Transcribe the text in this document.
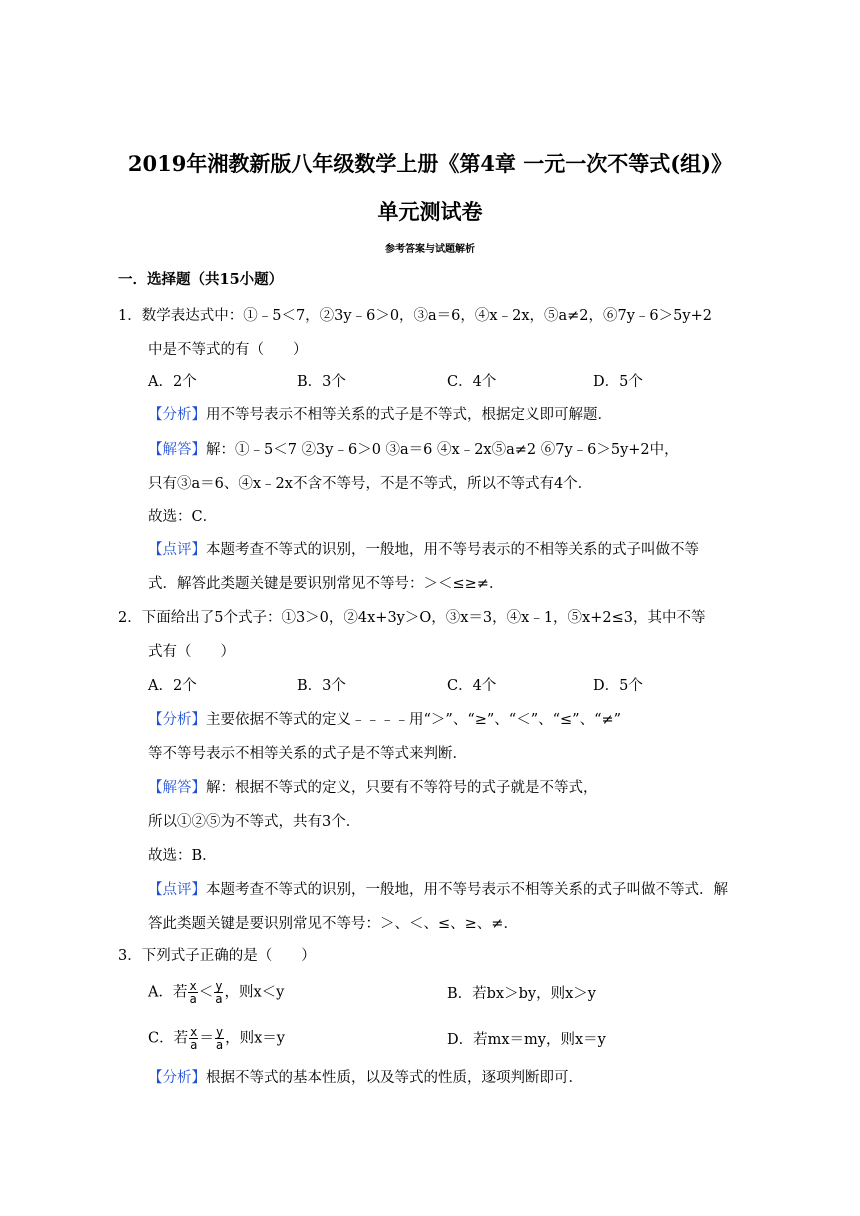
2019年湘教新版八年级数学上册《第4章 一元一次不等式(组)》
单元测试卷
参考答案与试题解析
一．选择题（共15小题）
1．数学表达式中：①﹣5＜7，②3y﹣6＞0，③a＝6，④x﹣2x，⑤a≠2，⑥7y﹣6＞5y+2
中是不等式的有（　　）
A．2个	B．3个	C．4个	D．5个
【分析】用不等号表示不相等关系的式子是不等式，根据定义即可解题．
【解答】解：①﹣5＜7 ②3y﹣6＞0 ③a＝6 ④x﹣2x⑤a≠2 ⑥7y﹣6＞5y+2中，
只有③a＝6、④x﹣2x不含不等号，不是不等式，所以不等式有4个．
故选：C．
【点评】本题考查不等式的识别，一般地，用不等号表示的不相等关系的式子叫做不等
式．解答此类题关键是要识别常见不等号：＞＜≤≥≠．
2．下面给出了5个式子：①3＞0，②4x+3y＞O，③x＝3，④x﹣1，⑤x+2≤3，其中不等
式有（　　）
A．2个	B．3个	C．4个	D．5个
【分析】主要依据不等式的定义﹣﹣﹣﹣用“＞”、“≥”、“＜”、“≤”、“≠”
等不等号表示不相等关系的式子是不等式来判断．
【解答】解：根据不等式的定义，只要有不等符号的式子就是不等式，
所以①②⑤为不等式，共有3个．
故选：B．
【点评】本题考查不等式的识别，一般地，用不等号表示不相等关系的式子叫做不等式．解
答此类题关键是要识别常见不等号：＞、＜、≤、≥、≠．
3．下列式子正确的是（　　）
A．若 $\frac{x}{a} < \frac{y}{a}$ ，则x＜y	B．若bx＞by，则x＞y
C．若 $\frac{x}{a} = \frac{y}{a}$ ，则x＝y	D．若mx＝my，则x＝y
【分析】根据不等式的基本性质，以及等式的性质，逐项判断即可．
